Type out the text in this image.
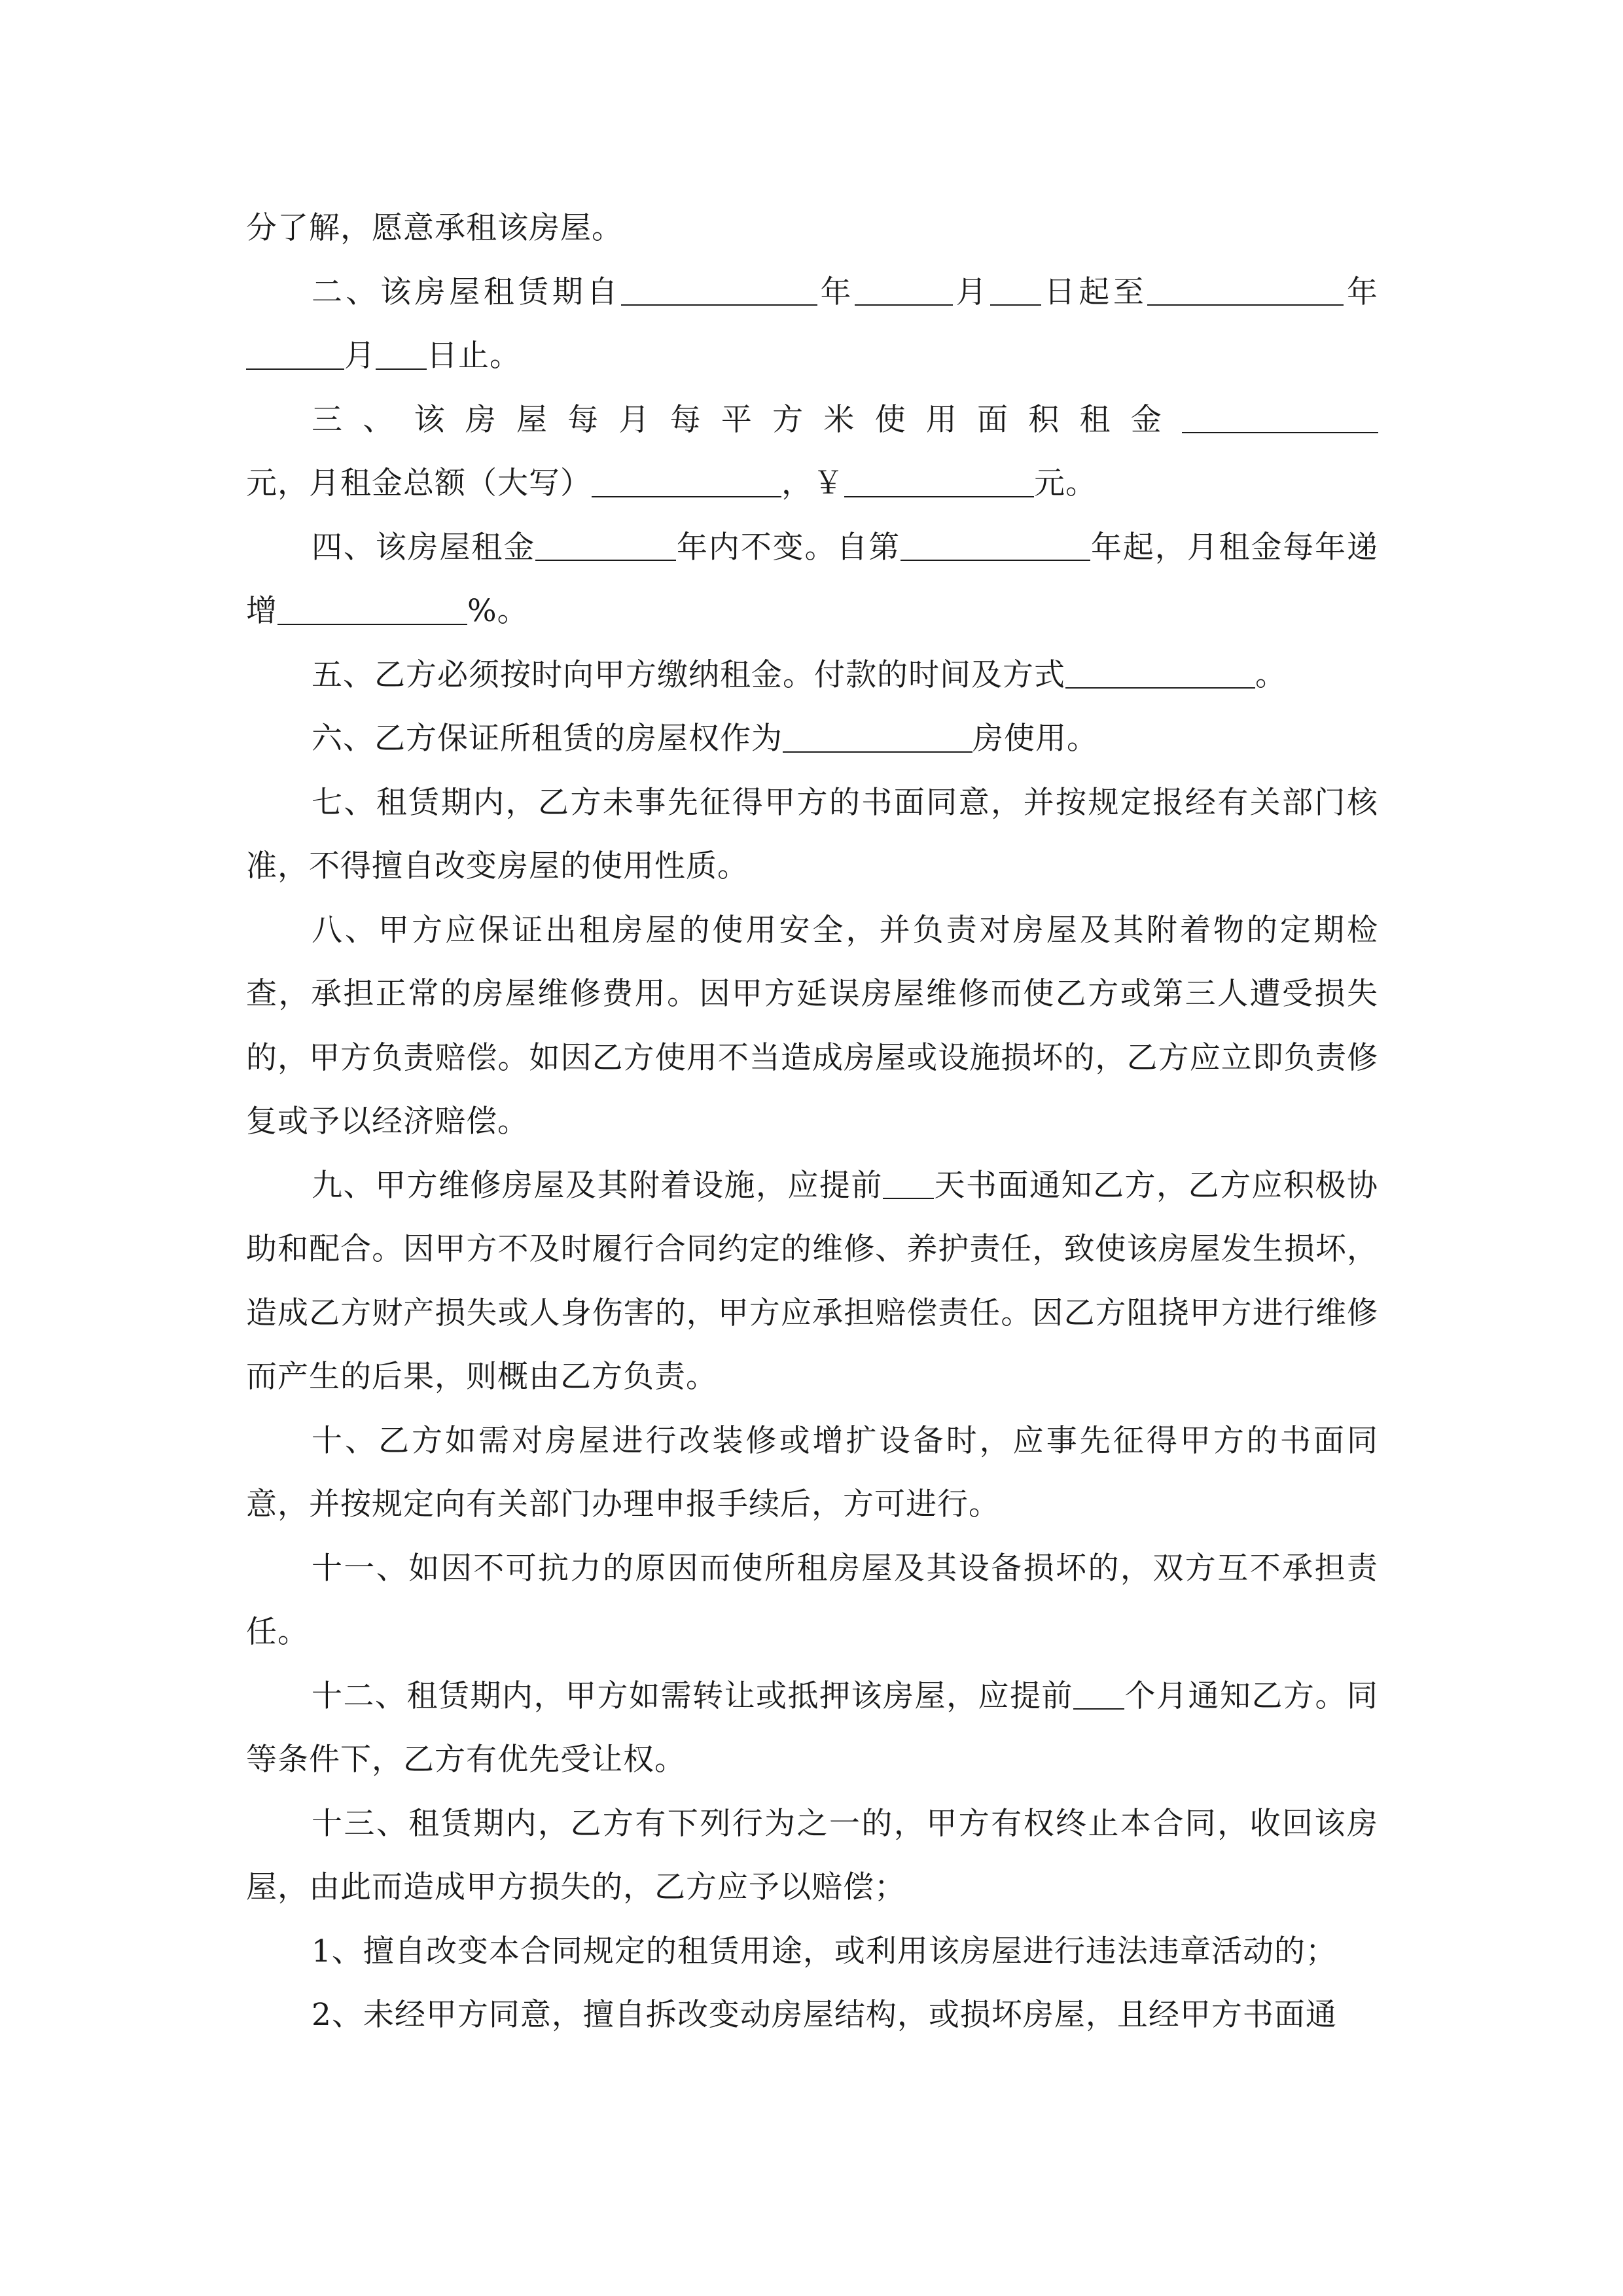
分了解，愿意承租该房屋。

二、该房屋租赁期自	年	月 日起至	年月 日止。

三、该房屋每月每平方米使用面积租金元，月租金总额（大写）	，￥	元。

四、该房屋租金	年内不变。自第	年起，月租金每年递增	%。

五、乙方必须按时向甲方缴纳租金。付款的时间及方式	。

六、乙方保证所租赁的房屋权作为	房使用。

七、租赁期内，乙方未事先征得甲方的书面同意，并按规定报经有关部门核准，不得擅自改变房屋的使用性质。

八、甲方应保证出租房屋的使用安全，并负责对房屋及其附着物的定期检查，承担正常的房屋维修费用。因甲方延误房屋维修而使乙方或第三人遭受损失的，甲方负责赔偿。如因乙方使用不当造成房屋或设施损坏的，乙方应立即负责修复或予以经济赔偿。

九、甲方维修房屋及其附着设施，应提前 天书面通知乙方，乙方应积极协助和配合。因甲方不及时履行合同约定的维修、养护责任，致使该房屋发生损坏，造成乙方财产损失或人身伤害的，甲方应承担赔偿责任。因乙方阻挠甲方进行维修而产生的后果，则概由乙方负责。

十、乙方如需对房屋进行改装修或增扩设备时，应事先征得甲方的书面同意，并按规定向有关部门办理申报手续后，方可进行。

十一、如因不可抗力的原因而使所租房屋及其设备损坏的，双方互不承担责任。

十二、租赁期内，甲方如需转让或抵押该房屋，应提前 个月通知乙方。同等条件下，乙方有优先受让权。

十三、租赁期内，乙方有下列行为之一的，甲方有权终止本合同，收回该房屋，由此而造成甲方损失的，乙方应予以赔偿；

1、擅自改变本合同规定的租赁用途，或利用该房屋进行违法违章活动的；

2、未经甲方同意，擅自拆改变动房屋结构，或损坏房屋，且经甲方书面通
